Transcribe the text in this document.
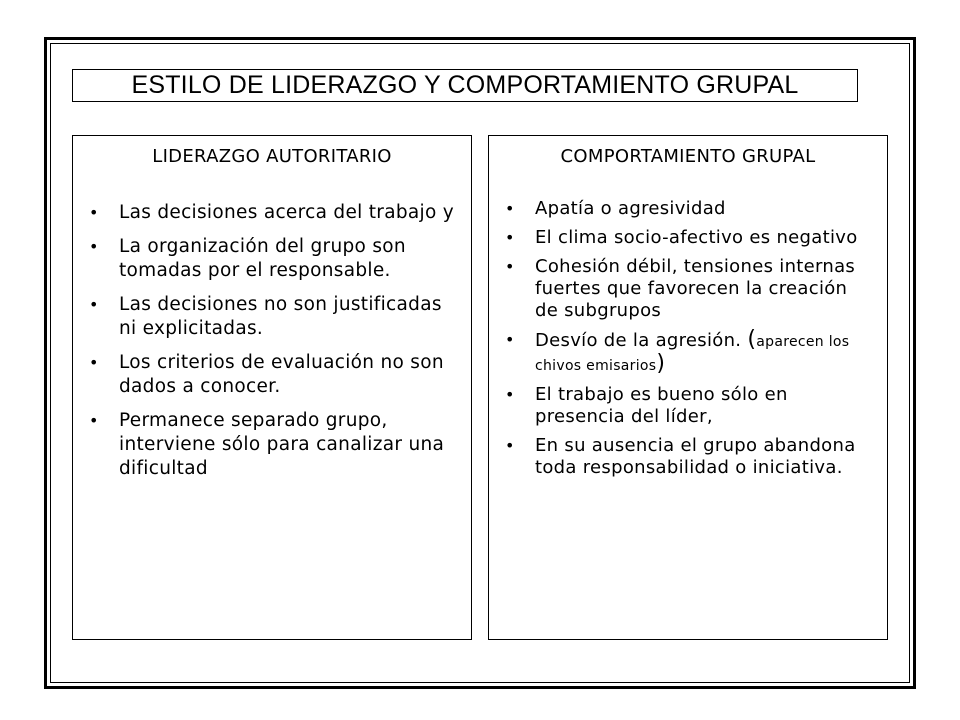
ESTILO DE LIDERAZGO Y COMPORTAMIENTO GRUPAL
LIDERAZGO AUTORITARIO
• Las decisiones acerca del trabajo y
• La organización del grupo son tomadas por el responsable.
• Las decisiones no son justificadas ni explicitadas.
• Los criterios de evaluación no son dados a conocer.
• Permanece separado grupo, interviene sólo para canalizar una dificultad
COMPORTAMIENTO GRUPAL
• Apatía o agresividad
• El clima socio-afectivo es negativo
• Cohesión débil, tensiones internas fuertes que favorecen la creación de subgrupos
• Desvío de la agresión. (aparecen los chivos emisarios)
• El trabajo es bueno sólo en presencia del líder,
• En su ausencia el grupo abandona toda responsabilidad o iniciativa.
